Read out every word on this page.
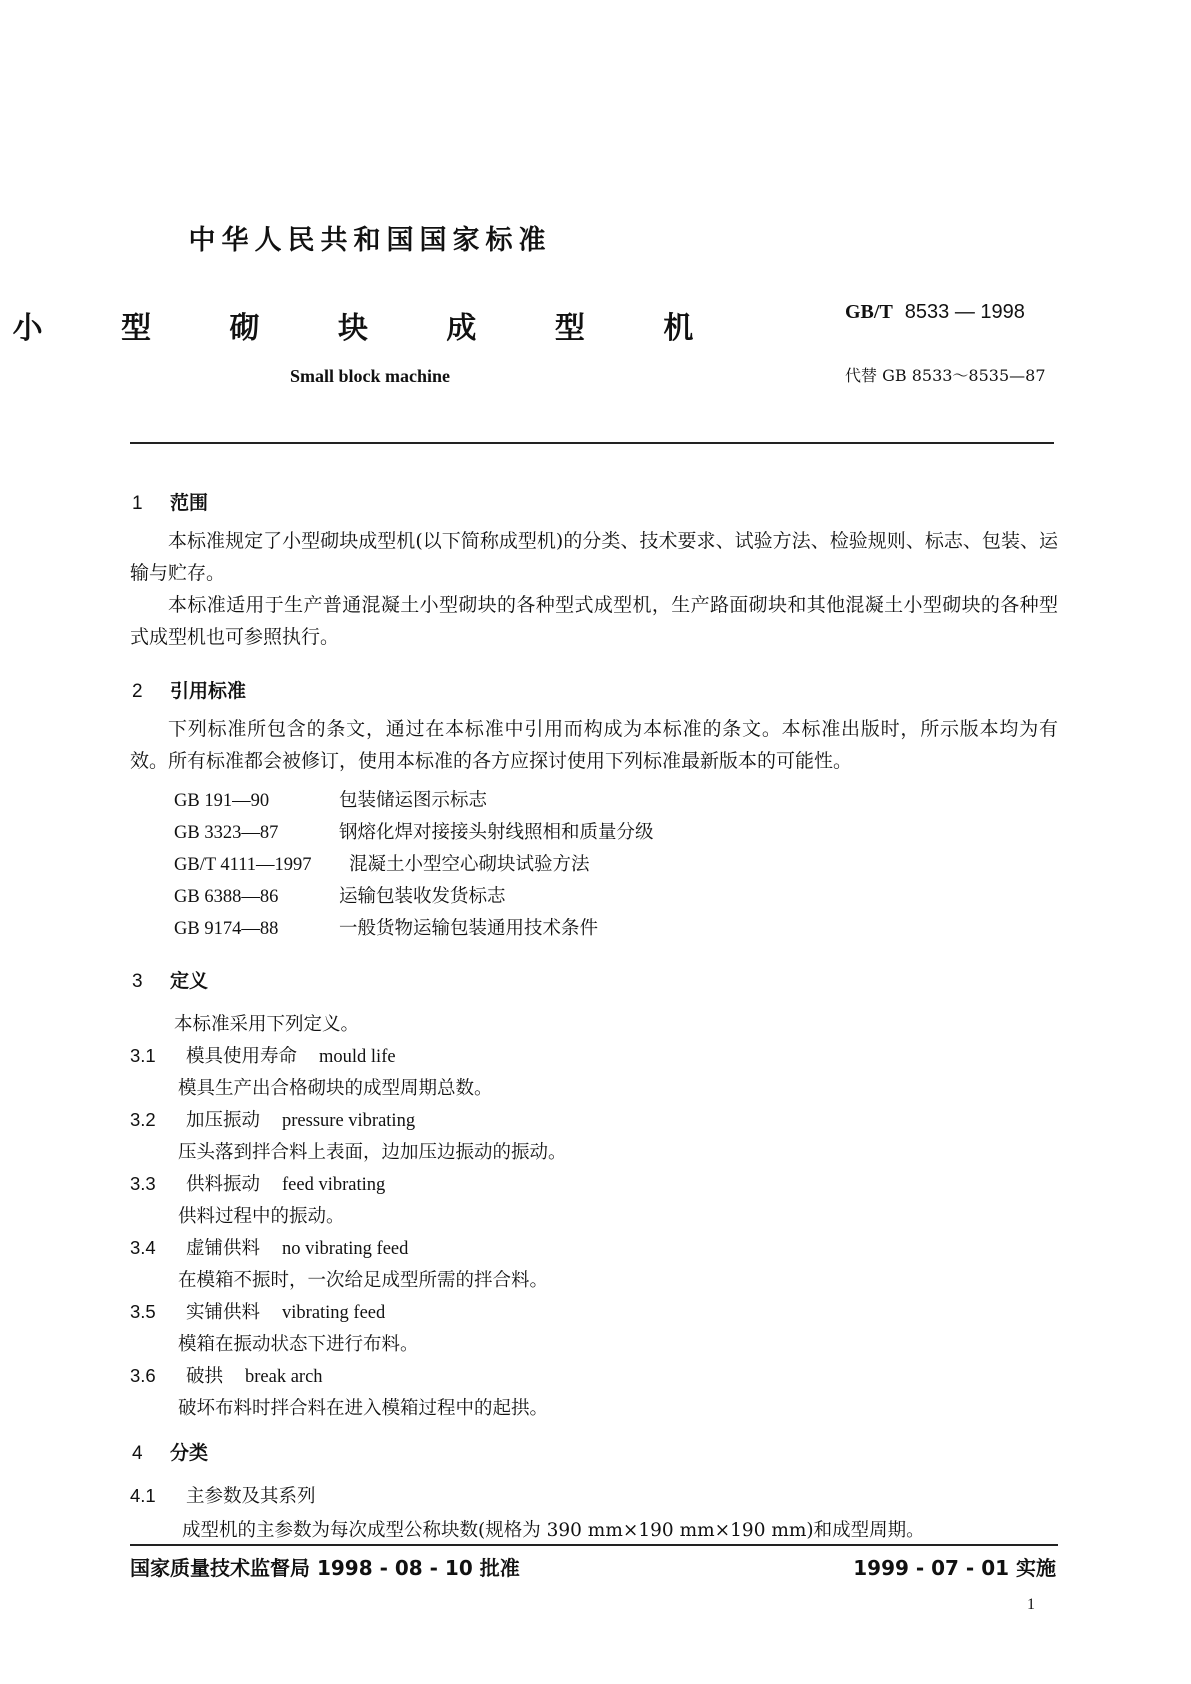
中华人民共和国国家标准
小 型 砌 块 成 型 机
Small block machine
GB/T 8533 — 1998
代替 GB 8533～8535—87
1 范围
本标准规定了小型砌块成型机(以下简称成型机)的分类、技术要求、试验方法、检验规则、标志、包装、运输与贮存。
本标准适用于生产普通混凝土小型砌块的各种型式成型机，生产路面砌块和其他混凝土小型砌块的各种型式成型机也可参照执行。
2 引用标准
下列标准所包含的条文，通过在本标准中引用而构成为本标准的条文。本标准出版时，所示版本均为有效。所有标准都会被修订，使用本标准的各方应探讨使用下列标准最新版本的可能性。
GB 191—90	包装储运图示标志
GB 3323—87	钢熔化焊对接接头射线照相和质量分级
GB/T 4111—1997 混凝土小型空心砌块试验方法
GB 6388—86	运输包装收发货标志
GB 9174—88	一般货物运输包装通用技术条件
3 定义
本标准采用下列定义。
3.1 模具使用寿命 mould life
模具生产出合格砌块的成型周期总数。
3.2 加压振动 pressure vibrating
压头落到拌合料上表面，边加压边振动的振动。
3.3 供料振动 feed vibrating
供料过程中的振动。
3.4 虚铺供料 no vibrating feed
在模箱不振时，一次给足成型所需的拌合料。
3.5 实铺供料 vibrating feed
模箱在振动状态下进行布料。
3.6 破拱 break arch
破坏布料时拌合料在进入模箱过程中的起拱。
4 分类
4.1 主参数及其系列
成型机的主参数为每次成型公称块数(规格为 390 mm×190 mm×190 mm)和成型周期。
国家质量技术监督局 1998 - 08 - 10 批准	1999 - 07 - 01 实施
1
